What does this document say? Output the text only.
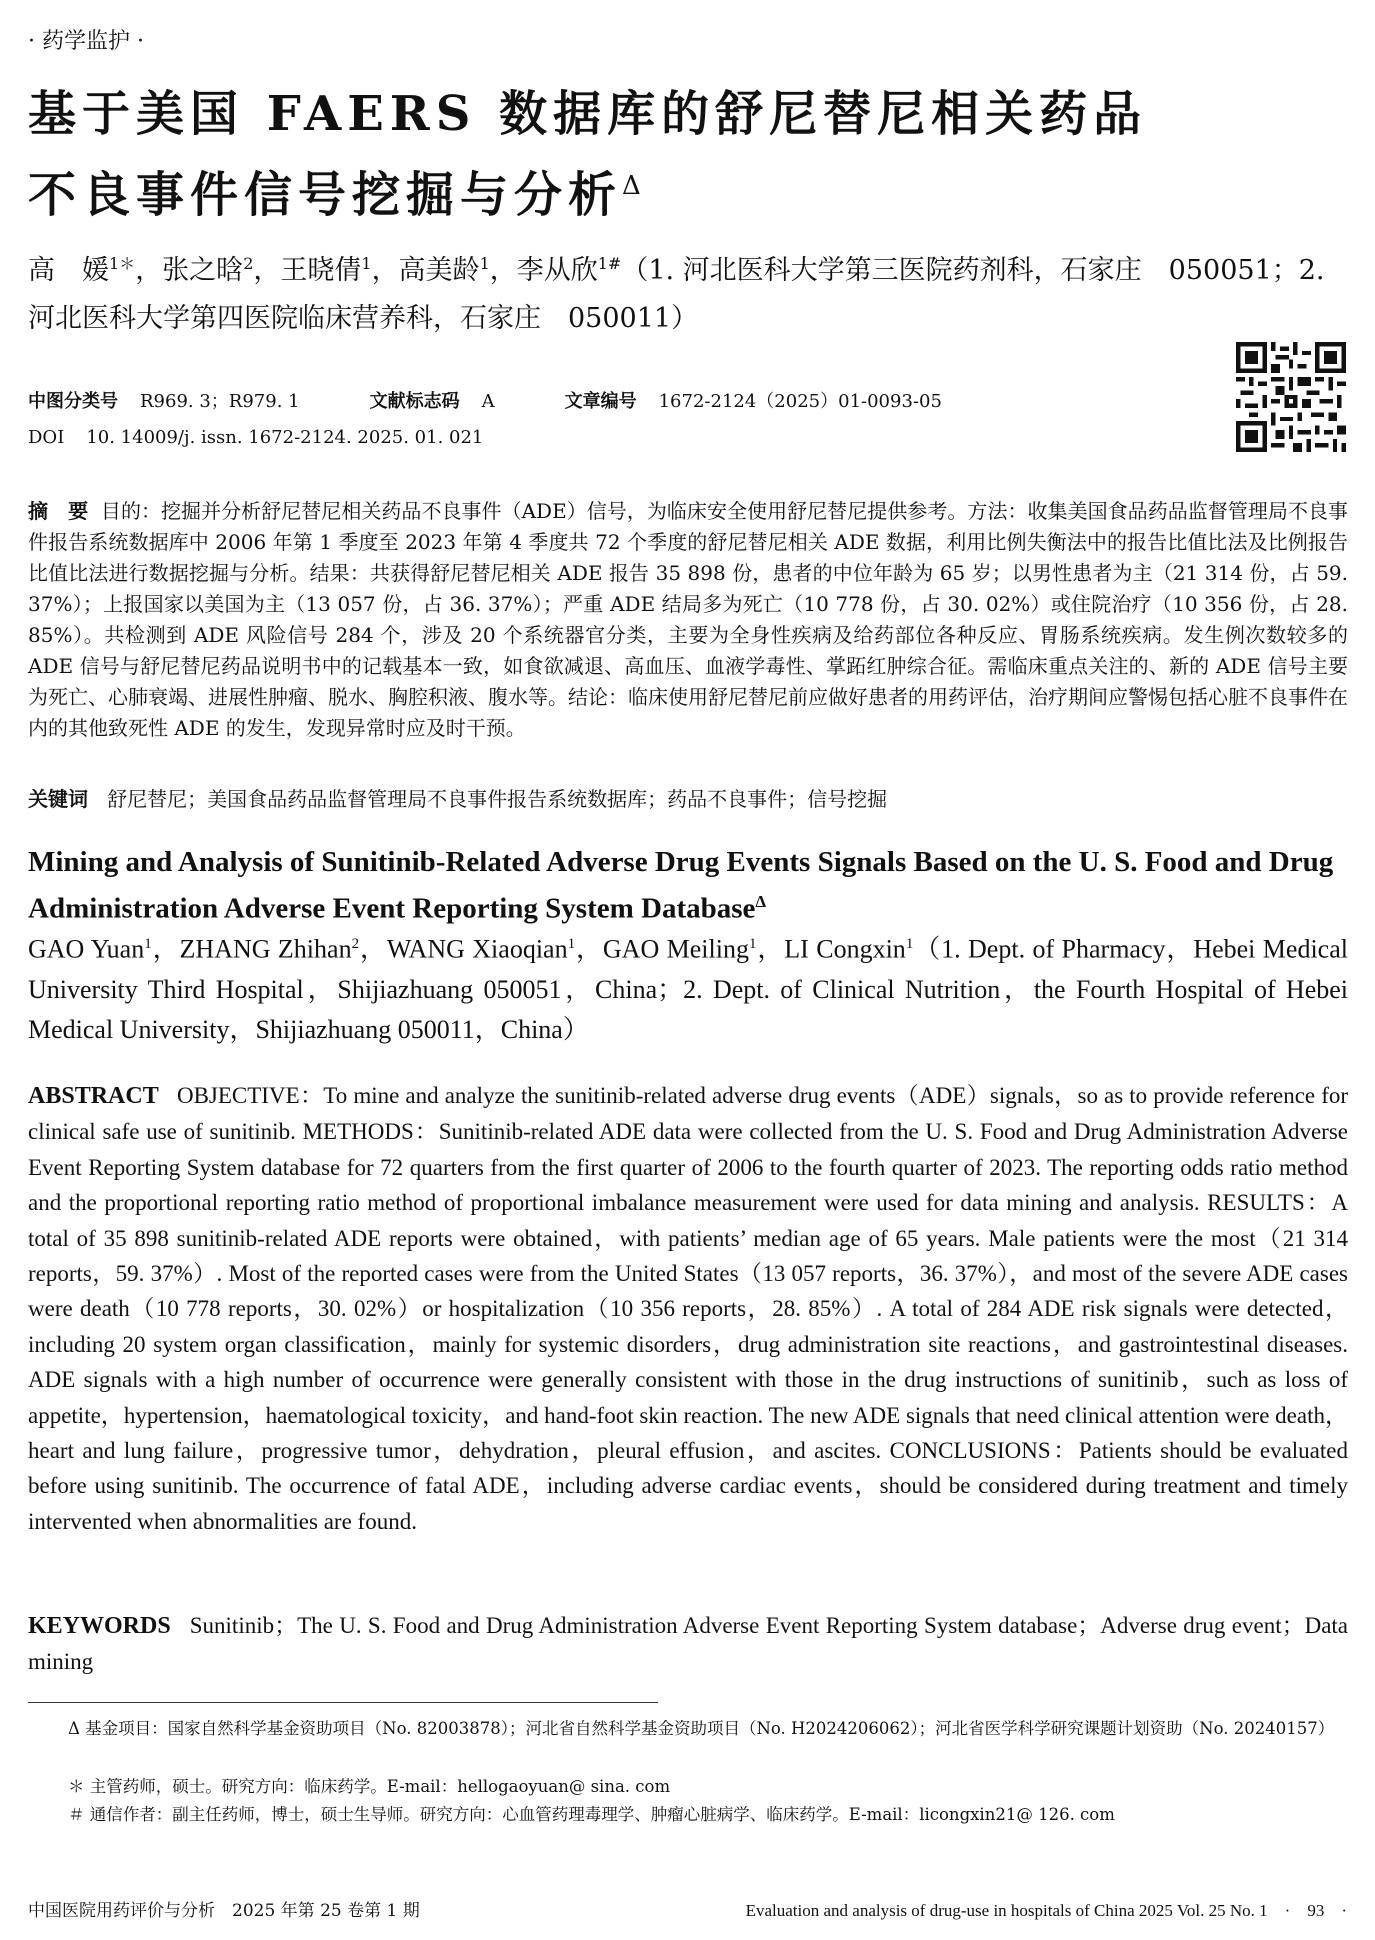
· 药学监护 ·
基于美国 FAERS 数据库的舒尼替尼相关药品
不良事件信号挖掘与分析$^\Delta$
高　媛$^{1*}$，张之晗$^2$，王晓倩$^1$，高美龄$^1$，李从欣$^{1\#}$（1. 河北医科大学第三医院药剂科，石家庄　050051；2. 河北医科大学第四医院临床营养科，石家庄　050011）
中图分类号 R969. 3；R979. 1	文献标志码 A	文章编号 1672-2124（2025）01-0093-05
DOI 10. 14009/j. issn. 1672-2124. 2025. 01. 021
摘　要 目的：挖掘并分析舒尼替尼相关药品不良事件（ADE）信号，为临床安全使用舒尼替尼提供参考。方法：收集美国食品药品监督管理局不良事件报告系统数据库中 2006 年第 1 季度至 2023 年第 4 季度共 72 个季度的舒尼替尼相关 ADE 数据，利用比例失衡法中的报告比值比法及比例报告比值比法进行数据挖掘与分析。结果：共获得舒尼替尼相关 ADE 报告 35 898 份，患者的中位年龄为 65 岁；以男性患者为主（21 314 份，占 59. 37%）；上报国家以美国为主（13 057 份，占 36. 37%）；严重 ADE 结局多为死亡（10 778 份，占 30. 02%）或住院治疗（10 356 份，占 28. 85%）。共检测到 ADE 风险信号 284 个，涉及 20 个系统器官分类，主要为全身性疾病及给药部位各种反应、胃肠系统疾病。发生例次数较多的 ADE 信号与舒尼替尼药品说明书中的记载基本一致，如食欲减退、高血压、血液学毒性、掌跖红肿综合征。需临床重点关注的、新的 ADE 信号主要为死亡、心肺衰竭、进展性肿瘤、脱水、胸腔积液、腹水等。结论：临床使用舒尼替尼前应做好患者的用药评估，治疗期间应警惕包括心脏不良事件在内的其他致死性 ADE 的发生，发现异常时应及时干预。
关键词 舒尼替尼；美国食品药品监督管理局不良事件报告系统数据库；药品不良事件；信号挖掘
Mining and Analysis of Sunitinib-Related Adverse Drug Events Signals Based on the U. S. Food and Drug Administration Adverse Event Reporting System Database$^\Delta$
GAO Yuan$^1$，ZHANG Zhihan$^2$，WANG Xiaoqian$^1$，GAO Meiling$^1$，LI Congxin$^1$（1. Dept. of Pharmacy，Hebei Medical University Third Hospital，Shijiazhuang 050051，China；2. Dept. of Clinical Nutrition，the Fourth Hospital of Hebei Medical University，Shijiazhuang 050011，China）
ABSTRACT OBJECTIVE：To mine and analyze the sunitinib-related adverse drug events（ADE）signals，so as to provide reference for clinical safe use of sunitinib. METHODS：Sunitinib-related ADE data were collected from the U. S. Food and Drug Administration Adverse Event Reporting System database for 72 quarters from the first quarter of 2006 to the fourth quarter of 2023. The reporting odds ratio method and the proportional reporting ratio method of proportional imbalance measurement were used for data mining and analysis. RESULTS：A total of 35 898 sunitinib-related ADE reports were obtained，with patients’ median age of 65 years. Male patients were the most（21 314 reports，59. 37%）. Most of the reported cases were from the United States（13 057 reports，36. 37%），and most of the severe ADE cases were death（10 778 reports，30. 02%）or hospitalization（10 356 reports，28. 85%）. A total of 284 ADE risk signals were detected，including 20 system organ classification，mainly for systemic disorders，drug administration site reactions，and gastrointestinal diseases. ADE signals with a high number of occurrence were generally consistent with those in the drug instructions of sunitinib，such as loss of appetite，hypertension，haematological toxicity，and hand-foot skin reaction. The new ADE signals that need clinical attention were death，heart and lung failure，progressive tumor，dehydration，pleural effusion，and ascites. CONCLUSIONS：Patients should be evaluated before using sunitinib. The occurrence of fatal ADE，including adverse cardiac events，should be considered during treatment and timely intervented when abnormalities are found.
KEYWORDS Sunitinib；The U. S. Food and Drug Administration Adverse Event Reporting System database；Adverse drug event；Data mining
Δ 基金项目：国家自然科学基金资助项目（No. 82003878）；河北省自然科学基金资助项目（No. H2024206062）；河北省医学科学研究课题计划资助（No. 20240157）
＊ 主管药师，硕士。研究方向：临床药学。E-mail：hellogaoyuan@ sina. com
＃ 通信作者：副主任药师，博士，硕士生导师。研究方向：心血管药理毒理学、肿瘤心脏病学、临床药学。E-mail：licongxin21@ 126. com
中国医院用药评价与分析　2025 年第 25 卷第 1 期	Evaluation and analysis of drug-use in hospitals of China 2025 Vol. 25 No. 1　·　93　·
